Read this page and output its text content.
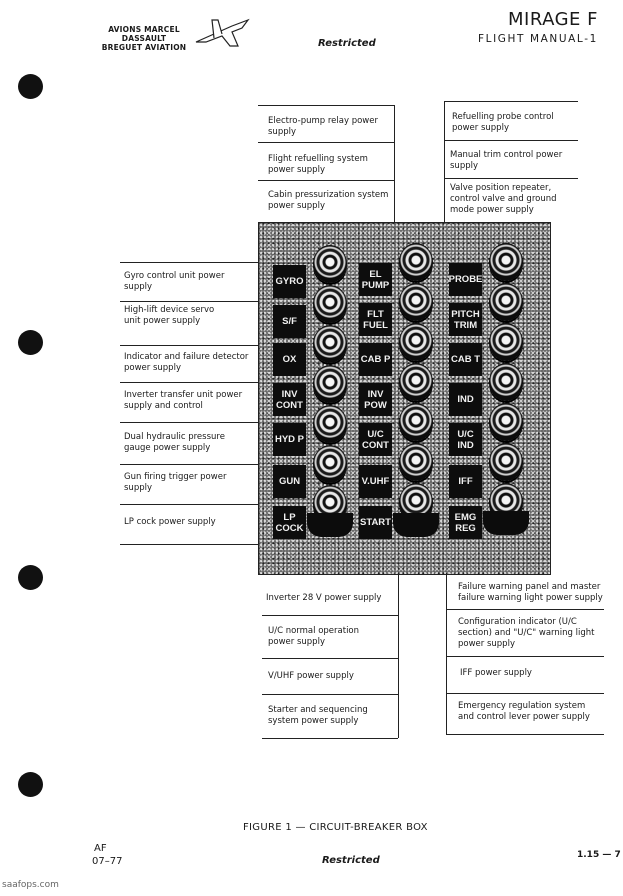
AVIONS MARCEL DASSAULT
BREGUET AVIATION	Restricted
MIRAGE F
FLIGHT MANUAL-1
Electro-pump relay power supply
Flight refuelling system power supply
Cabin pressurization system power supply
Refuelling probe control power supply
Manual trim control power supply
Valve position repeater, control valve and ground mode power supply
Gyro control unit power supply
High-lift device servo unit power supply
Indicator and failure detector power supply
Inverter transfer unit power supply and control
Dual hydraulic pressure gauge power supply
Gun firing trigger power supply
LP cock power supply
GYRO
S/F
OX
INV CONT
HYD P
GUN
LP COCK
EL PUMP
FLT FUEL
CAB P
INV POW
U/C CONT
V.UHF
START
PROBE
PITCH TRIM
CAB T
IND
U/C IND
IFF
EMG REG
Inverter 28 V power supply
U/C normal operation power supply
V/UHF power supply
Starter and sequencing system power supply
Failure warning panel and master failure warning light power supply
Configuration indicator (U/C section) and "U/C" warning light power supply
IFF power supply
Emergency regulation system and control lever power supply
FIGURE 1 — CIRCUIT-BREAKER BOX
AF
07–77	Restricted	1.15 — 7
saafops.com
